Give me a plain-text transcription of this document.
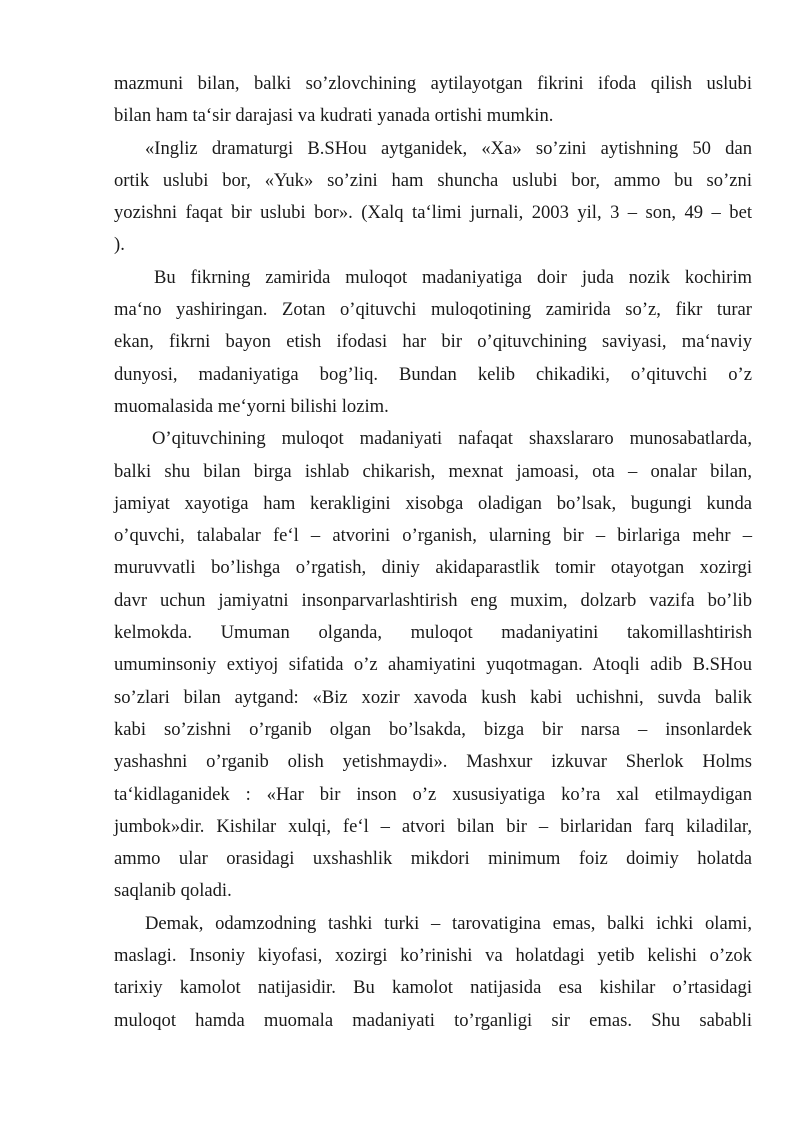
mazmuni bilan, balki so’zlovchining aytilayotgan fikrini ifoda qilish uslubi

bilan ham ta‘sir darajasi va kudrati yanada ortishi mumkin.

«Ingliz dramaturgi B.SHou aytganidek, «Xa» so’zini aytishning 50 dan

ortik uslubi bor, «Yuk» so’zini ham shuncha uslubi bor, ammo bu so’zni

yozishni faqat bir uslubi bor». (Xalq ta‘limi jurnali, 2003 yil, 3 – son, 49 – bet

).

Bu fikrning zamirida muloqot madaniyatiga doir juda nozik kochirim

ma‘no yashiringan. Zotan o’qituvchi muloqotining zamirida so’z, fikr turar

ekan, fikrni bayon etish ifodasi har bir o’qituvchining saviyasi, ma‘naviy

dunyosi, madaniyatiga bog’liq. Bundan kelib chikadiki, o’qituvchi o’z

muomalasida me‘yorni bilishi lozim.

O’qituvchining muloqot madaniyati nafaqat shaxslararo munosabatlarda,

balki shu bilan birga ishlab chikarish, mexnat jamoasi, ota – onalar bilan,

jamiyat xayotiga ham kerakligini xisobga oladigan bo’lsak, bugungi kunda

o’quvchi, talabalar fe‘l – atvorini o’rganish, ularning bir – birlariga mehr –

muruvvatli bo’lishga o’rgatish, diniy akidaparastlik tomir otayotgan xozirgi

davr uchun jamiyatni insonparvarlashtirish eng muxim, dolzarb vazifa bo’lib

kelmokda. Umuman olganda, muloqot madaniyatini takomillashtirish

umuminsoniy extiyoj sifatida o’z ahamiyatini yuqotmagan. Atoqli adib B.SHou

so’zlari bilan aytgand: «Biz xozir xavoda kush kabi uchishni, suvda balik

kabi so’zishni o’rganib olgan bo’lsakda, bizga bir narsa – insonlardek

yashashni o’rganib olish yetishmaydi». Mashxur izkuvar Sherlok Holms

ta‘kidlaganidek : «Har bir inson o’z xususiyatiga ko’ra xal etilmaydigan

jumbok»dir. Kishilar xulqi, fe‘l – atvori bilan bir – birlaridan farq kiladilar,

ammo ular orasidagi uxshashlik mikdori minimum foiz doimiy holatda

saqlanib qoladi.

Demak, odamzodning tashki turki – tarovatigina emas, balki ichki olami,

maslagi. Insoniy kiyofasi, xozirgi ko’rinishi va holatdagi yetib kelishi o’zok

tarixiy kamolot natijasidir. Bu kamolot natijasida esa kishilar o’rtasidagi

muloqot hamda muomala madaniyati to’rganligi sir emas. Shu sababli
